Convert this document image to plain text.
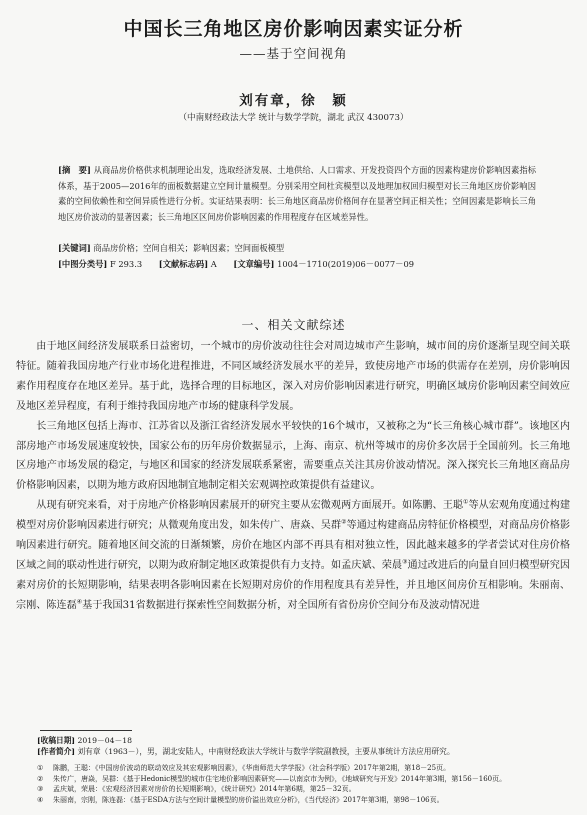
中国长三角地区房价影响因素实证分析
——基于空间视角
刘有章，徐　颖
（中南财经政法大学 统计与数学学院，湖北 武汉 430073）
[摘　要] 从商品房价格供求机制理论出发，选取经济发展、土地供给、人口需求、开发投资四个方面的因素构建房价影响因素指标体系，基于2005—2016年的面板数据建立空间计量模型。分别采用空间杜宾模型以及地理加权回归模型对长三角地区房价影响因素的空间依赖性和空间异质性进行分析。实证结果表明：长三角地区商品房价格间存在显著空间正相关性；空间因素是影响长三角地区房价波动的显著因素；长三角地区区间房价影响因素的作用程度存在区域差异性。
[关键词] 商品房价格；空间自相关；影响因素；空间面板模型
[中图分类号] F 293.3 [文献标志码] A [文章编号] 1004－1710(2019)06－0077－09
一、相关文献综述

由于地区间经济发展联系日益密切，一个城市的房价波动往往会对周边城市产生影响，城市间的房价逐渐呈现空间关联特征。随着我国房地产行业市场化进程推进，不同区域经济发展水平的差异，致使房地产市场的供需存在差别，房价影响因素作用程度存在地区差异。基于此，选择合理的目标地区，深入对房价影响因素进行研究，明确区域房价影响因素空间效应及地区差异程度，有利于维持我国房地产市场的健康科学发展。

长三角地区包括上海市、江苏省以及浙江省经济发展水平较快的16个城市，又被称之为“长三角核心城市群”。该地区内部房地产市场发展速度较快，国家公布的历年房价数据显示，上海、南京、杭州等城市的房价多次居于全国前列。长三角地区房地产市场发展的稳定，与地区和国家的经济发展联系紧密，需要重点关注其房价波动情况。深入探究长三角地区商品房价格影响因素，以期为地方政府因地制宜地制定相关宏观调控政策提供有益建议。

从现有研究来看，对于房地产价格影响因素展开的研究主要从宏微观两方面展开。如陈鹏、王聪①等从宏观角度通过构建模型对房价影响因素进行研究；从微观角度出发，如朱传广、唐焱、吴群②等通过构建商品房特征价格模型，对商品房价格影响因素进行研究。随着地区间交流的日渐频繁，房价在地区内部不再具有相对独立性，因此越来越多的学者尝试对住房价格区域之间的联动性进行研究，以期为政府制定地区政策提供有力支持。如孟庆斌、荣晨③通过改进后的向量自回归模型研究因素对房价的长短期影响，结果表明各影响因素在长短期对房价的作用程度具有差异性，并且地区间房价互相影响。朱丽南、宗刚、陈连磊④基于我国31省数据进行探索性空间数据分析，对全国所有省份房价空间分布及波动情况进

[收稿日期]
2019－04－18
[作者简介]
刘有章（1963－），男，湖北安陆人，中南财经政法大学统计与数学学院副教授，主要从事统计方法应用研究。
①	陈鹏，王聪：《中国房价波动的联动效应及其宏观影响因素》，《华南师范大学学报》（社会科学版）2017年第2期，第18－25页。
②	朱传广，唐焱，吴群：《基于Hedonic模型的城市住宅地价影响因素研究——以南京市为例》，《地域研究与开发》2014年第3期，第156－160页。
③	孟庆斌，荣晨：《宏观经济因素对房价的长短期影响》，《统计研究》2014年第6期，第25－32页。
④	朱丽南，宗刚，陈连磊：《基于ESDA方法与空间计量模型的房价溢出效应分析》，《当代经济》2017年第3期，第98－106页。
